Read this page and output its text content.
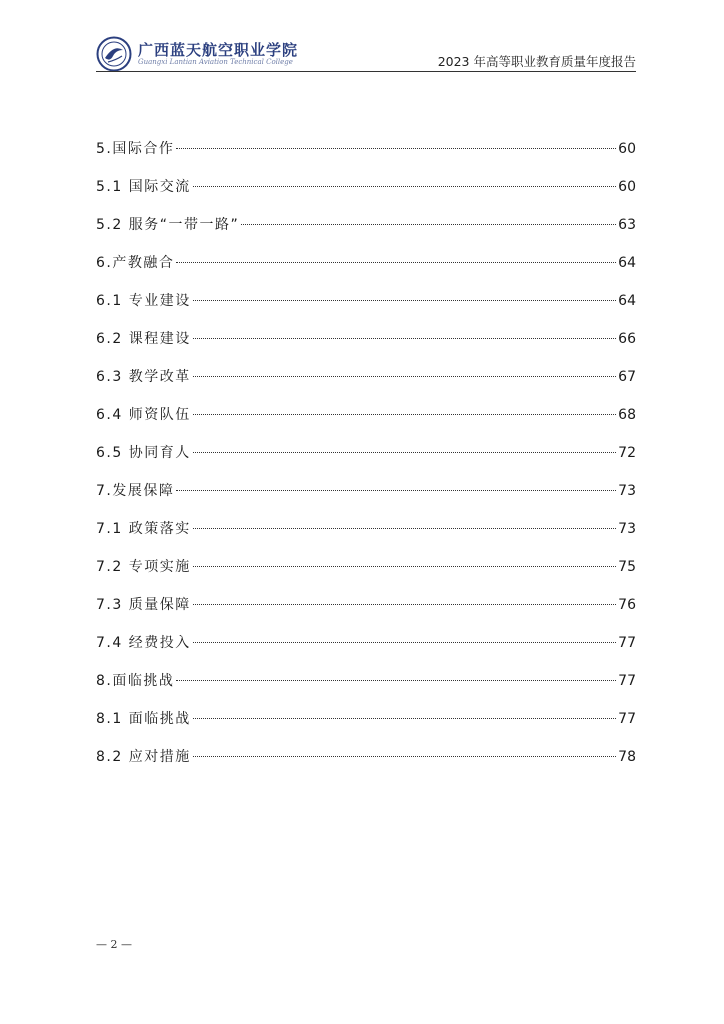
广西蓝天航空职业学院
Guangxi Lantian Aviation Technical College	2023 年高等职业教育质量年度报告
5.国际合作	60
5.1 国际交流	60
5.2 服务“一带一路”	63
6.产教融合	64
6.1 专业建设	64
6.2 课程建设	66
6.3 教学改革	67
6.4 师资队伍	68
6.5 协同育人	72
7.发展保障	73
7.1 政策落实	73
7.2 专项实施	75
7.3 质量保障	76
7.4 经费投入	77
8.面临挑战	77
8.1 面临挑战	77
8.2 应对措施	78
— 2 —
